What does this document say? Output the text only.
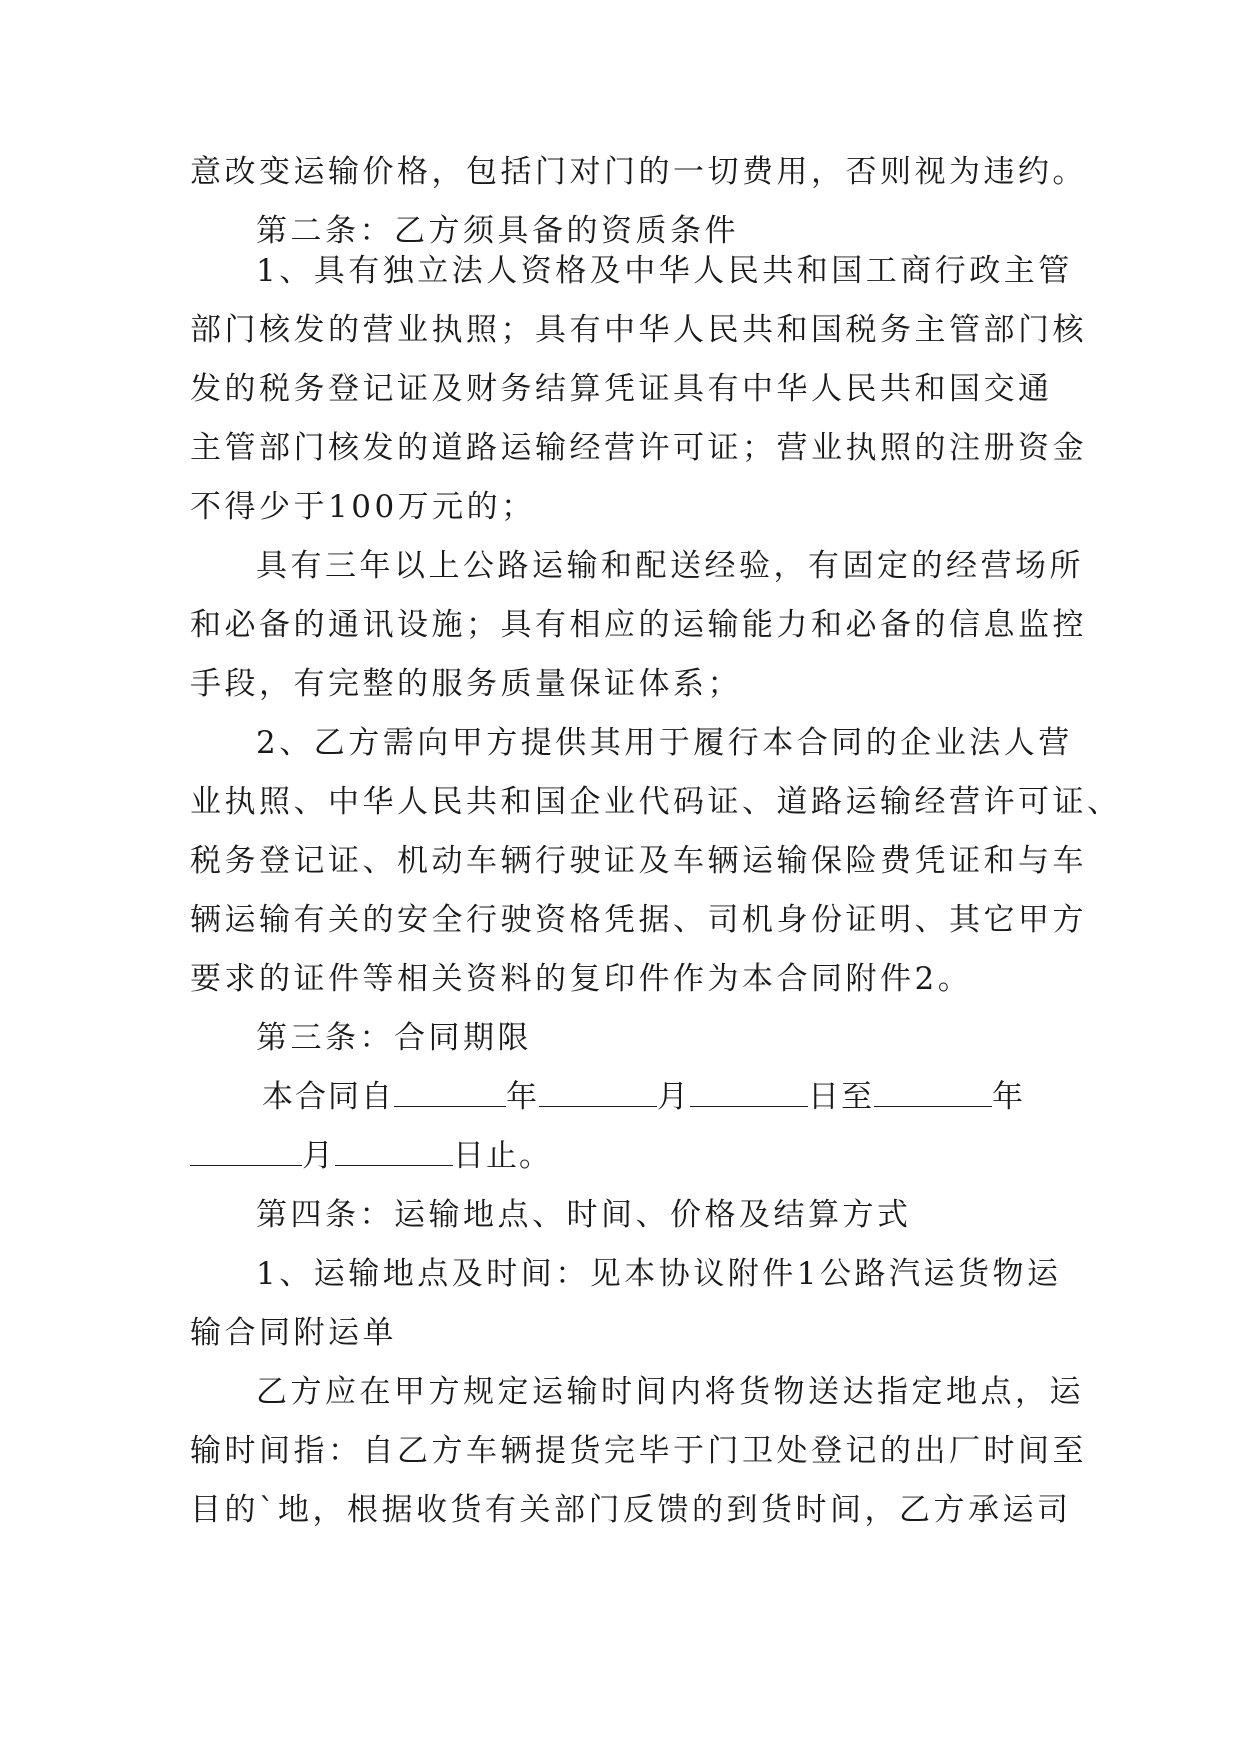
意改变运输价格，包括门对门的一切费用，否则视为违约。

第二条：乙方须具备的资质条件

1、具有独立法人资格及中华人民共和国工商行政主管

部门核发的营业执照；具有中华人民共和国税务主管部门核

发的税务登记证及财务结算凭证具有中华人民共和国交通

主管部门核发的道路运输经营许可证；营业执照的注册资金

不得少于100万元的；

具有三年以上公路运输和配送经验，有固定的经营场所

和必备的通讯设施；具有相应的运输能力和必备的信息监控

手段，有完整的服务质量保证体系；

2、乙方需向甲方提供其用于履行本合同的企业法人营

业执照、中华人民共和国企业代码证、道路运输经营许可证、

税务登记证、机动车辆行驶证及车辆运输保险费凭证和与车

辆运输有关的安全行驶资格凭据、司机身份证明、其它甲方

要求的证件等相关资料的复印件作为本合同附件2。

第三条：合同期限

本合同自	年	月	日至	年

月	日止。

第四条：运输地点、时间、价格及结算方式

1、运输地点及时间：见本协议附件1公路汽运货物运

输合同附运单

乙方应在甲方规定运输时间内将货物送达指定地点，运

输时间指：自乙方车辆提货完毕于门卫处登记的出厂时间至

目的`地，根据收货有关部门反馈的到货时间，乙方承运司
